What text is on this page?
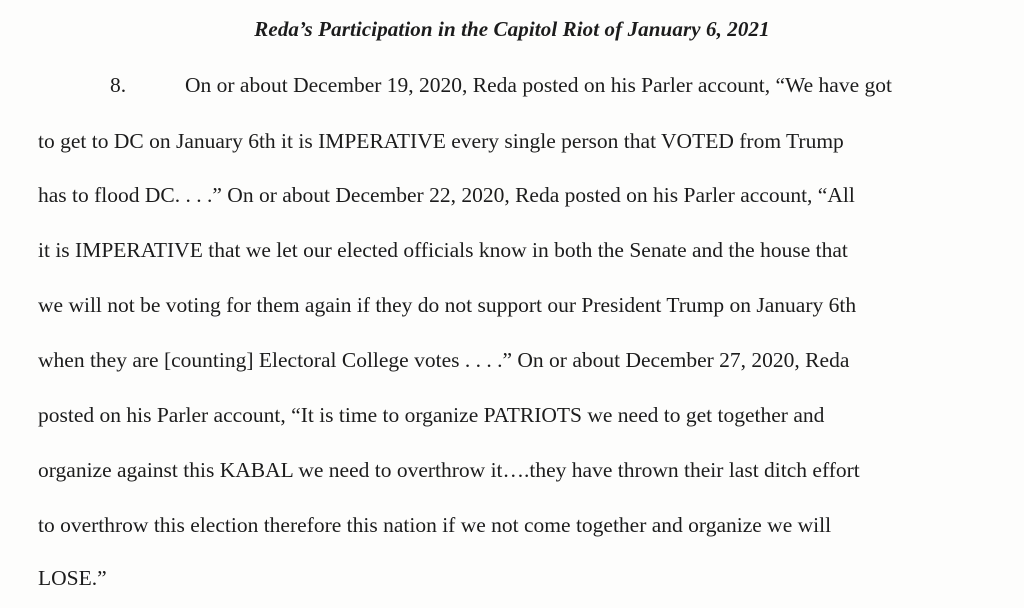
Reda’s Participation in the Capitol Riot of January 6, 2021
8.	On or about December 19, 2020, Reda posted on his Parler account, “We have got
to get to DC on January 6th it is IMPERATIVE every single person that VOTED from Trump
has to flood DC. . . .” On or about December 22, 2020, Reda posted on his Parler account, “All
it is IMPERATIVE that we let our elected officials know in both the Senate and the house that
we will not be voting for them again if they do not support our President Trump on January 6th
when they are [counting] Electoral College votes . . . .” On or about December 27, 2020, Reda
posted on his Parler account, “It is time to organize PATRIOTS we need to get together and
organize against this KABAL we need to overthrow it….they have thrown their last ditch effort
to overthrow this election therefore this nation if we not come together and organize we will
LOSE.”
